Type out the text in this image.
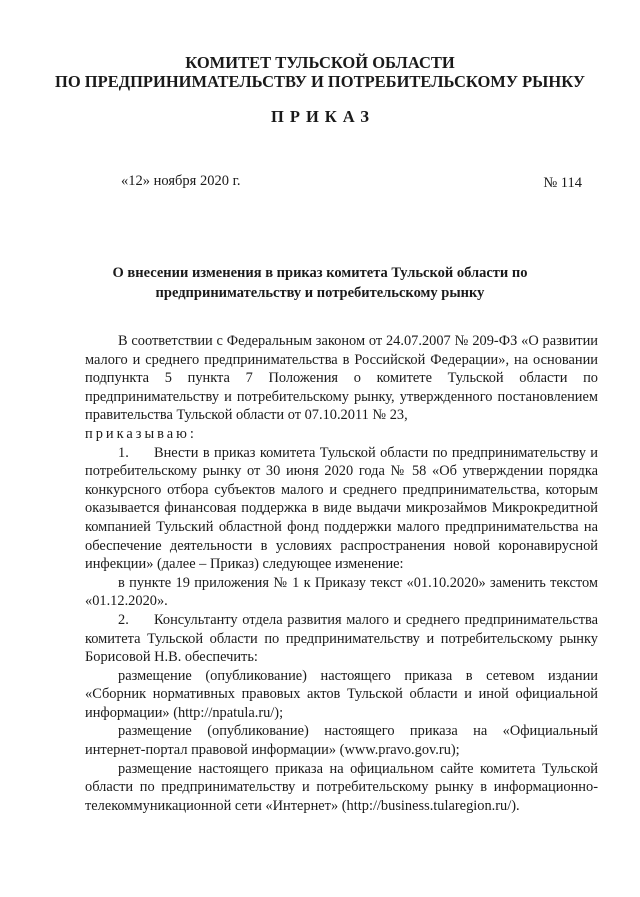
КОМИТЕТ ТУЛЬСКОЙ ОБЛАСТИ
ПО ПРЕДПРИНИМАТЕЛЬСТВУ И ПОТРЕБИТЕЛЬСКОМУ РЫНКУ
ПРИКАЗ
«12» ноября 2020 г.	№ 114
О внесении изменения в приказ комитета Тульской области по
предпринимательству и потребительскому рынку

В соответствии с Федеральным законом от 24.07.2007 № 209-ФЗ «О развитии малого и среднего предпринимательства в Российской Федерации», на основании подпункта 5 пункта 7 Положения о комитете Тульской области по предпринимательству и потребительскому рынку, утвержденного постановлением правительства Тульской области от 07.10.2011 № 23,

приказываю:

1. Внести в приказ комитета Тульской области по предпринимательству и потребительскому рынку от 30 июня 2020 года № 58 «Об утверждении порядка конкурсного отбора субъектов малого и среднего предпринимательства, которым оказывается финансовая поддержка в виде выдачи микрозаймов Микрокредитной компанией Тульский областной фонд поддержки малого предпринимательства на обеспечение деятельности в условиях распространения новой коронавирусной инфекции» (далее – Приказ) следующее изменение:

в пункте 19 приложения № 1 к Приказу текст «01.10.2020» заменить текстом «01.12.2020».

2. Консультанту отдела развития малого и среднего предпринимательства комитета Тульской области по предпринимательству и потребительскому рынку Борисовой Н.В. обеспечить:

размещение (опубликование) настоящего приказа в сетевом издании «Сборник нормативных правовых актов Тульской области и иной официальной информации» (http://npatula.ru/);

размещение (опубликование) настоящего приказа на «Официальный интернет-портал правовой информации» (www.pravo.gov.ru);

размещение настоящего приказа на официальном сайте комитета Тульской области по предпринимательству и потребительскому рынку в информационно-телекоммуникационной сети «Интернет» (http://business.tularegion.ru/).
